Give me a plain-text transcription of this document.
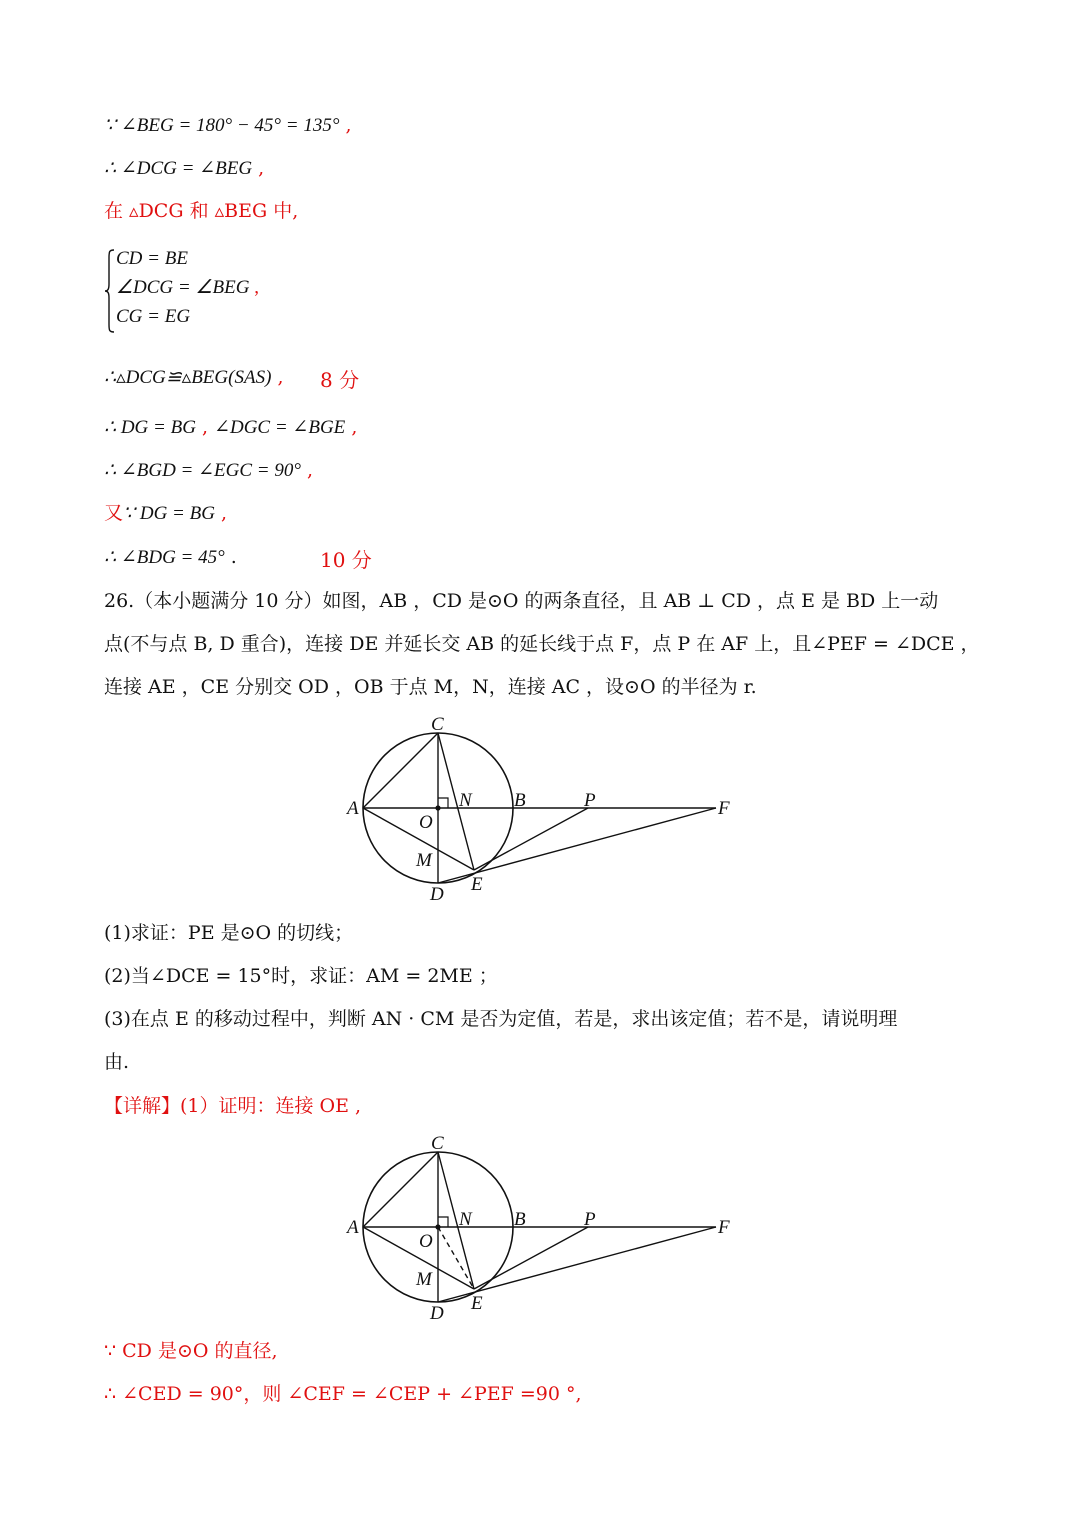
∵ ∠BEG = 180° − 45° = 135° ,
∴ ∠DCG = ∠BEG ,
在 ▵DCG 和 ▵BEG 中,
CD = BE
∠DCG = ∠BEG ,
CG = EG
∴▵DCG≌▵BEG(SAS) , 8 分
∴ DG = BG , ∠DGC = ∠BGE ,
∴ ∠BGD = ∠EGC = 90° ,
又∵ DG = BG ,
∴ ∠BDG = 45° .	10 分
26.（本小题满分 10 分）如图，AB ，CD 是⊙O 的两条直径，且 AB ⊥ CD ，点 E 是 BD 上一动
点(不与点 B, D 重合)，连接 DE 并延长交 AB 的延长线于点 F，点 P 在 AF 上，且∠PEF = ∠DCE ，
连接 AE ，CE 分别交 OD ，OB 于点 M，N，连接 AC ，设⊙O 的半径为 r.
C
A
O
N B	P	F
M
D E
(1)求证：PE 是⊙O 的切线；
(2)当∠DCE = 15°时，求证：AM = 2ME ；
(3)在点 E 的移动过程中，判断 AN · CM 是否为定值，若是，求出该定值；若不是，请说明理
由.
【详解】(1）证明：连接 OE ,
C
A
O
N B	P	F
M
D E
∵ CD 是⊙O 的直径,
∴ ∠CED = 90°，则 ∠CEF = ∠CEP + ∠PEF =90 °,
